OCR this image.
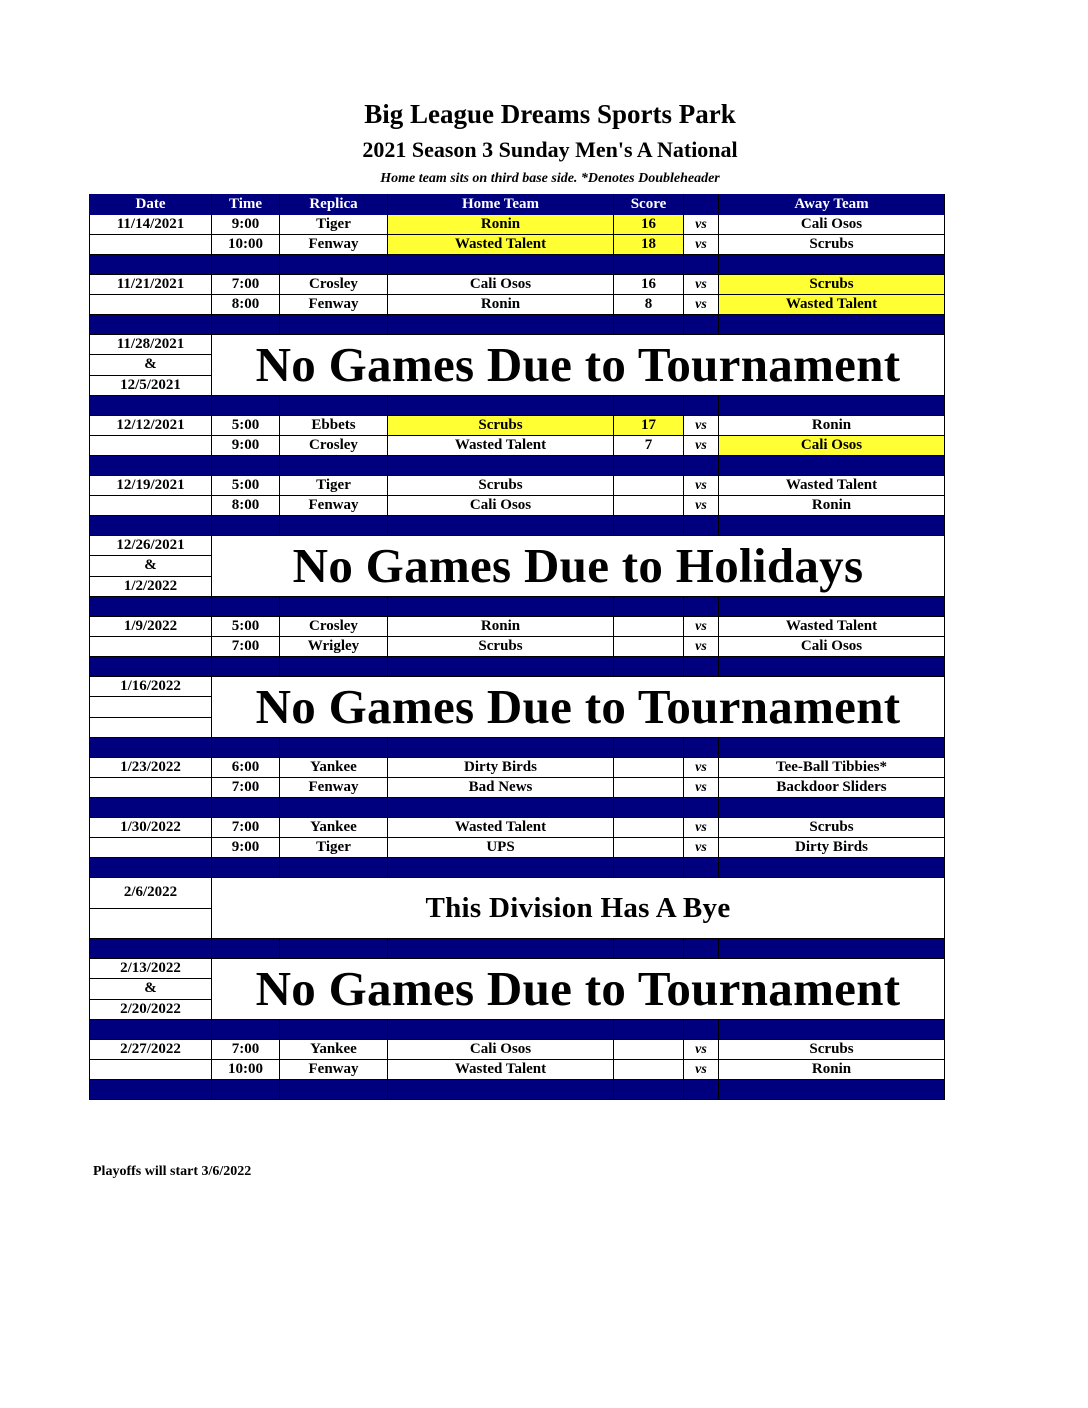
Big League Dreams Sports Park
2021 Season 3 Sunday Men's A National
Home team sits on third base side. *Denotes Doubleheader
Date	Time	Replica	Home Team	Score		Away Team
11/14/2021	9:00	Tiger	Ronin	16	vs	Cali Osos
	10:00	Fenway	Wasted Talent	18	vs	Scrubs

11/21/2021	7:00	Crosley	Cali Osos	16	vs	Scrubs
	8:00	Fenway	Ronin	8	vs	Wasted Talent

11/28/2021	No Games Due to Tournament					

&						
12/5/2021						

12/12/2021	5:00	Ebbets	Scrubs	17	vs	Ronin
	9:00	Crosley	Wasted Talent	7	vs	Cali Osos

12/19/2021	5:00	Tiger	Scrubs		vs	Wasted Talent
	8:00	Fenway	Cali Osos		vs	Ronin

12/26/2021	No Games Due to Holidays					

&						
1/2/2022						

1/9/2022	5:00	Crosley	Ronin		vs	Wasted Talent
	7:00	Wrigley	Scrubs		vs	Cali Osos

1/16/2022	No Games Due to Tournament					

1/23/2022	6:00	Yankee	Dirty Birds		vs	Tee-Ball Tibbies*
	7:00	Fenway	Bad News		vs	Backdoor Sliders

1/30/2022	7:00	Yankee	Wasted Talent		vs	Scrubs
	9:00	Tiger	UPS		vs	Dirty Birds

2/6/2022	This Division Has A Bye					

2/13/2022	No Games Due to Tournament					

&						
2/20/2022						

2/27/2022	7:00	Yankee	Cali Osos		vs	Scrubs
	10:00	Fenway	Wasted Talent		vs	Ronin

Playoffs will start 3/6/2022
